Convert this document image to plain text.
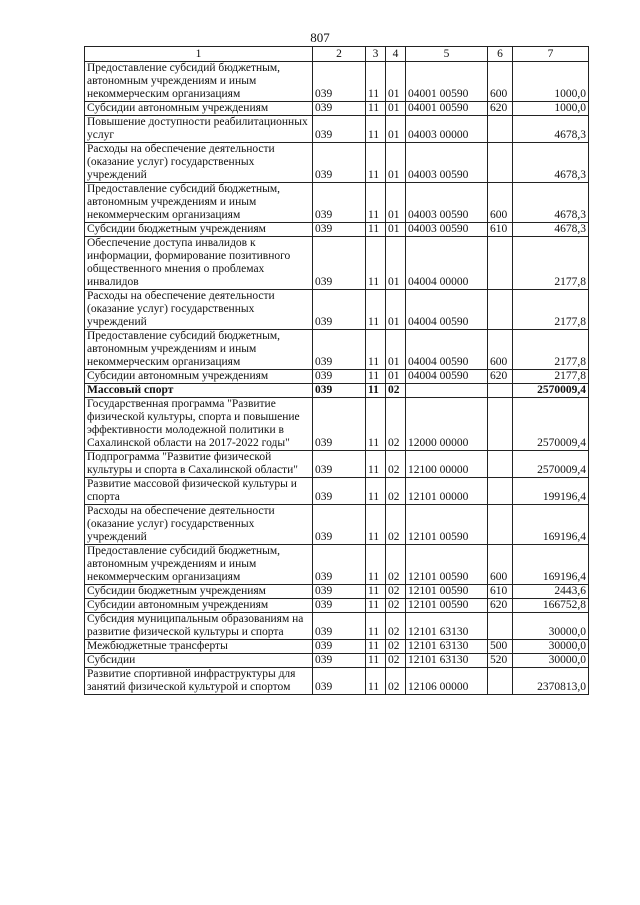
807
1	2	3	4	5	6	7
Предоставление субсидий бюджетным, автономным учреждениям и иным некоммерческим организациям	039	11	01	04001 00590	600	1000,0
Субсидии автономным учреждениям	039	11	01	04001 00590	620	1000,0
Повышение доступности реабилитационных услуг	039	11	01	04003 00000		4678,3
Расходы на обеспечение деятельности (оказание услуг) государственных учреждений	039	11	01	04003 00590		4678,3
Предоставление субсидий бюджетным, автономным учреждениям и иным некоммерческим организациям	039	11	01	04003 00590	600	4678,3
Субсидии бюджетным учреждениям	039	11	01	04003 00590	610	4678,3
Обеспечение доступа инвалидов к информации, формирование позитивного общественного мнения о проблемах инвалидов	039	11	01	04004 00000		2177,8
Расходы на обеспечение деятельности (оказание услуг) государственных учреждений	039	11	01	04004 00590		2177,8
Предоставление субсидий бюджетным, автономным учреждениям и иным некоммерческим организациям	039	11	01	04004 00590	600	2177,8
Субсидии автономным учреждениям	039	11	01	04004 00590	620	2177,8
Массовый спорт	039	11	02			2570009,4
Государственная программа "Развитие физической культуры, спорта и повышение эффективности молодежной политики в Сахалинской области на 2017-2022 годы"	039	11	02	12000 00000		2570009,4
Подпрограмма "Развитие физической культуры и спорта в Сахалинской области"	039	11	02	12100 00000		2570009,4
Развитие массовой физической культуры и спорта	039	11	02	12101 00000		199196,4
Расходы на обеспечение деятельности (оказание услуг) государственных учреждений	039	11	02	12101 00590		169196,4
Предоставление субсидий бюджетным, автономным учреждениям и иным некоммерческим организациям	039	11	02	12101 00590	600	169196,4
Субсидии бюджетным учреждениям	039	11	02	12101 00590	610	2443,6
Субсидии автономным учреждениям	039	11	02	12101 00590	620	166752,8
Субсидия муниципальным образованиям на развитие физической культуры и спорта	039	11	02	12101 63130		30000,0
Межбюджетные трансферты	039	11	02	12101 63130	500	30000,0
Субсидии	039	11	02	12101 63130	520	30000,0
Развитие спортивной инфраструктуры для занятий физической культурой и спортом	039	11	02	12106 00000		2370813,0
